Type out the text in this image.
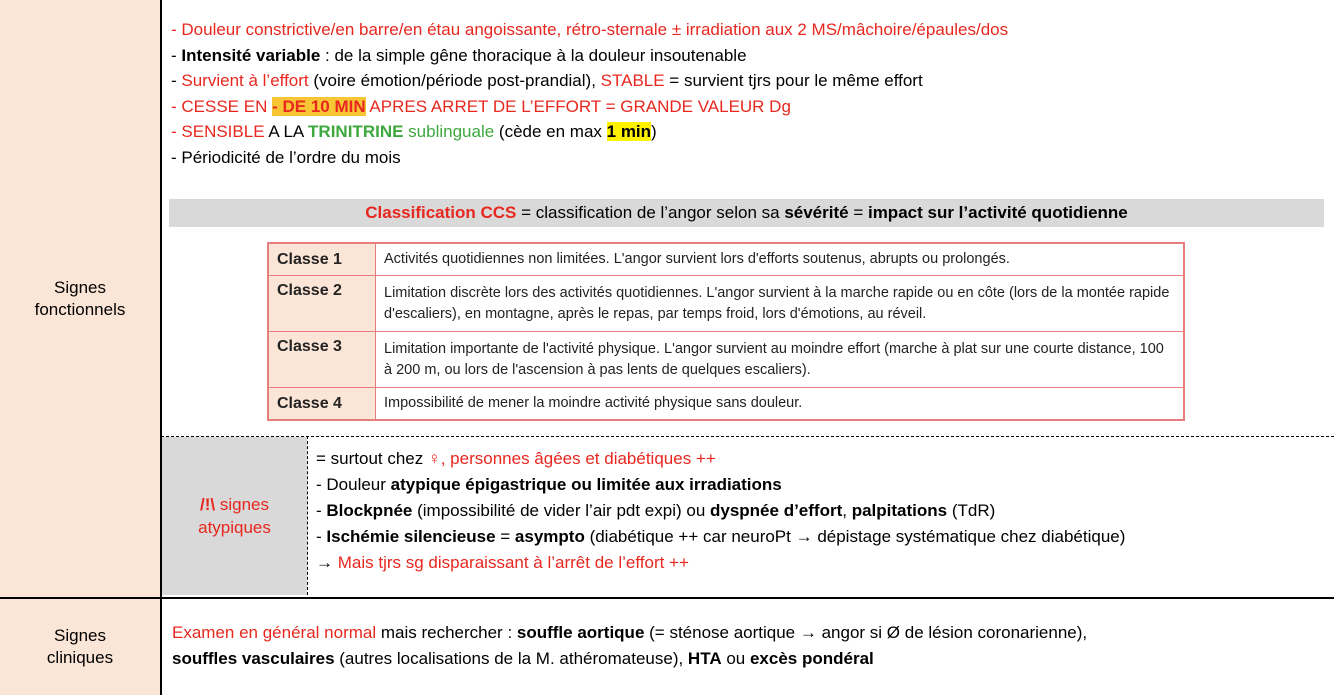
Signes fonctionnels
Signes cliniques
- Douleur constrictive/en barre/en étau angoissante, rétro-sternale ± irradiation aux 2 MS/mâchoire/épaules/dos
- Intensité variable : de la simple gêne thoracique à la douleur insoutenable
- Survient à l’effort (voire émotion/période post-prandial), STABLE = survient tjrs pour le même effort
- CESSE EN - DE 10 MIN APRES ARRET DE L’EFFORT = GRANDE VALEUR Dg
- SENSIBLE A LA TRINITRINE sublinguale (cède en max 1 min)
- Périodicité de l’ordre du mois
Classification CCS = classification de l’angor selon sa sévérité = impact sur l’activité quotidienne
Classe 1	Activités quotidiennes non limitées. L'angor survient lors d'efforts soutenus, abrupts ou prolongés.
Classe 2	Limitation discrète lors des activités quotidiennes. L'angor survient à la marche rapide ou en côte (lors de la montée rapide d'escaliers), en montagne, après le repas, par temps froid, lors d'émotions, au réveil.
Classe 3	Limitation importante de l'activité physique. L'angor survient au moindre effort (marche à plat sur une courte distance, 100 à 200 m, ou lors de l'ascension à pas lents de quelques escaliers).
Classe 4	Impossibilité de mener la moindre activité physique sans douleur.
/!\ signes
atypiques
= surtout chez ♀, personnes âgées et diabétiques ++
- Douleur atypique épigastrique ou limitée aux irradiations
- Blockpnée (impossibilité de vider l’air pdt expi) ou dyspnée d’effort, palpitations (TdR)
- Ischémie silencieuse = asympto (diabétique ++ car neuroPt → dépistage systématique chez diabétique)
→ Mais tjrs sg disparaissant à l’arrêt de l’effort ++
Examen en général normal mais rechercher : souffle aortique (= sténose aortique → angor si Ø de lésion coronarienne),
souffles vasculaires (autres localisations de la M. athéromateuse), HTA ou excès pondéral
